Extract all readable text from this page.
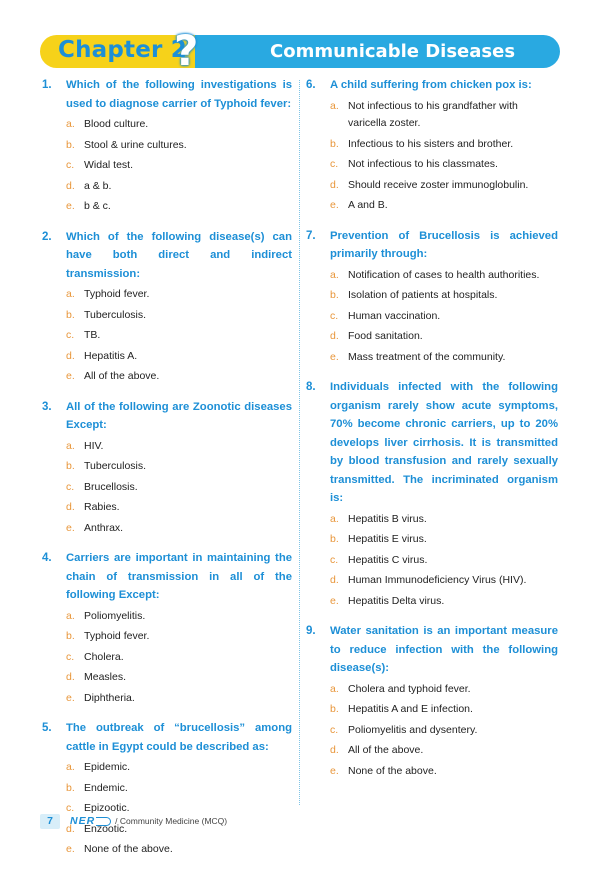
Chapter 2
?	Communicable Diseases
1.	Which of the following investigations is used to diagnose carrier of Typhoid fever:
a. Blood culture.
b. Stool & urine cultures.
c. Widal test.
d. a & b.
e. b & c.
2.	Which of the following disease(s) can have both direct and indirect transmission:
a. Typhoid fever.
b. Tuberculosis.
c. TB.
d. Hepatitis A.
e. All of the above.
3.	All of the following are Zoonotic diseases Except:
a. HIV.
b. Tuberculosis.
c. Brucellosis.
d. Rabies.
e. Anthrax.
4.	Carriers are important in maintaining the chain of transmission in all of the following Except:
a. Poliomyelitis.
b. Typhoid fever.
c. Cholera.
d. Measles.
e. Diphtheria.
5.	The outbreak of “brucellosis” among cattle in Egypt could be described as:
a. Epidemic.
b. Endemic.
c. Epizootic.
d. Enzootic.
e. None of the above.
6.	A child suffering from chicken pox is:
a. Not infectious to his grandfather with varicella zoster.
b. Infectious to his sisters and brother.
c. Not infectious to his classmates.
d. Should receive zoster immunoglobulin.
e. A and B.
7.	Prevention of Brucellosis is achieved primarily through:
a. Notification of cases to health authorities.
b. Isolation of patients at hospitals.
c. Human vaccination.
d. Food sanitation.
e. Mass treatment of the community.
8.	Individuals infected with the following organism rarely show acute symptoms, 70% become chronic carriers, up to 20% develops liver cirrhosis. It is transmitted by blood transfusion and rarely sexually transmitted. The incriminated organism is:
a. Hepatitis B virus.
b. Hepatitis E virus.
c. Hepatitis C virus.
d. Human Immunodeficiency Virus (HIV).
e. Hepatitis Delta virus.
9.	Water sanitation is an important measure to reduce infection with the following disease(s):
a. Cholera and typhoid fever.
b. Hepatitis A and E infection.
c. Poliomyelitis and dysentery.
d. All of the above.
e. None of the above.
7	NER	/ Community Medicine (MCQ)
